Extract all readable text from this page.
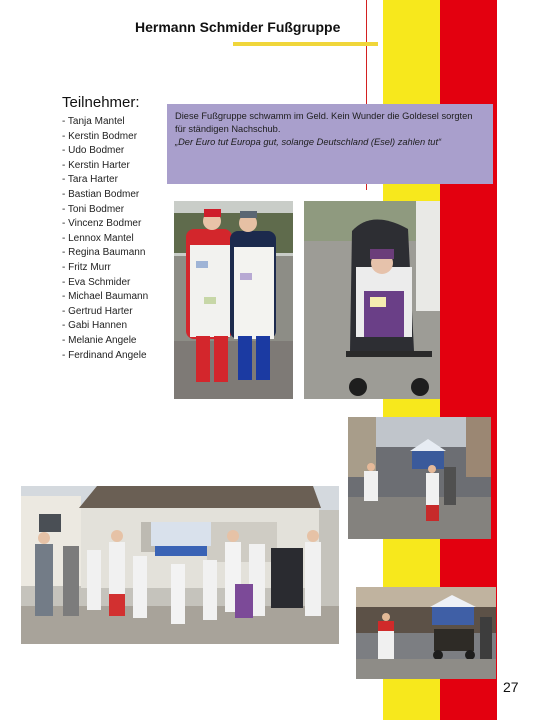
Hermann Schmider Fußgruppe
Teilnehmer:
- Tanja Mantel
- Kerstin Bodmer
- Udo Bodmer
- Kerstin Harter
- Tara Harter
- Bastian Bodmer
- Toni Bodmer
- Vincenz Bodmer
- Lennox Mantel
- Regina Baumann
- Fritz Murr
- Eva Schmider
- Michael Baumann
- Gertrud Harter
- Gabi Hannen
- Melanie Angele
- Ferdinand Angele

Diese Fußgruppe schwamm im Geld. Kein Wunder die Goldesel sorgten für ständigen Nachschub.

„Der Euro tut Europa gut, solange Deutschland (Esel) zahlen tut“

27
